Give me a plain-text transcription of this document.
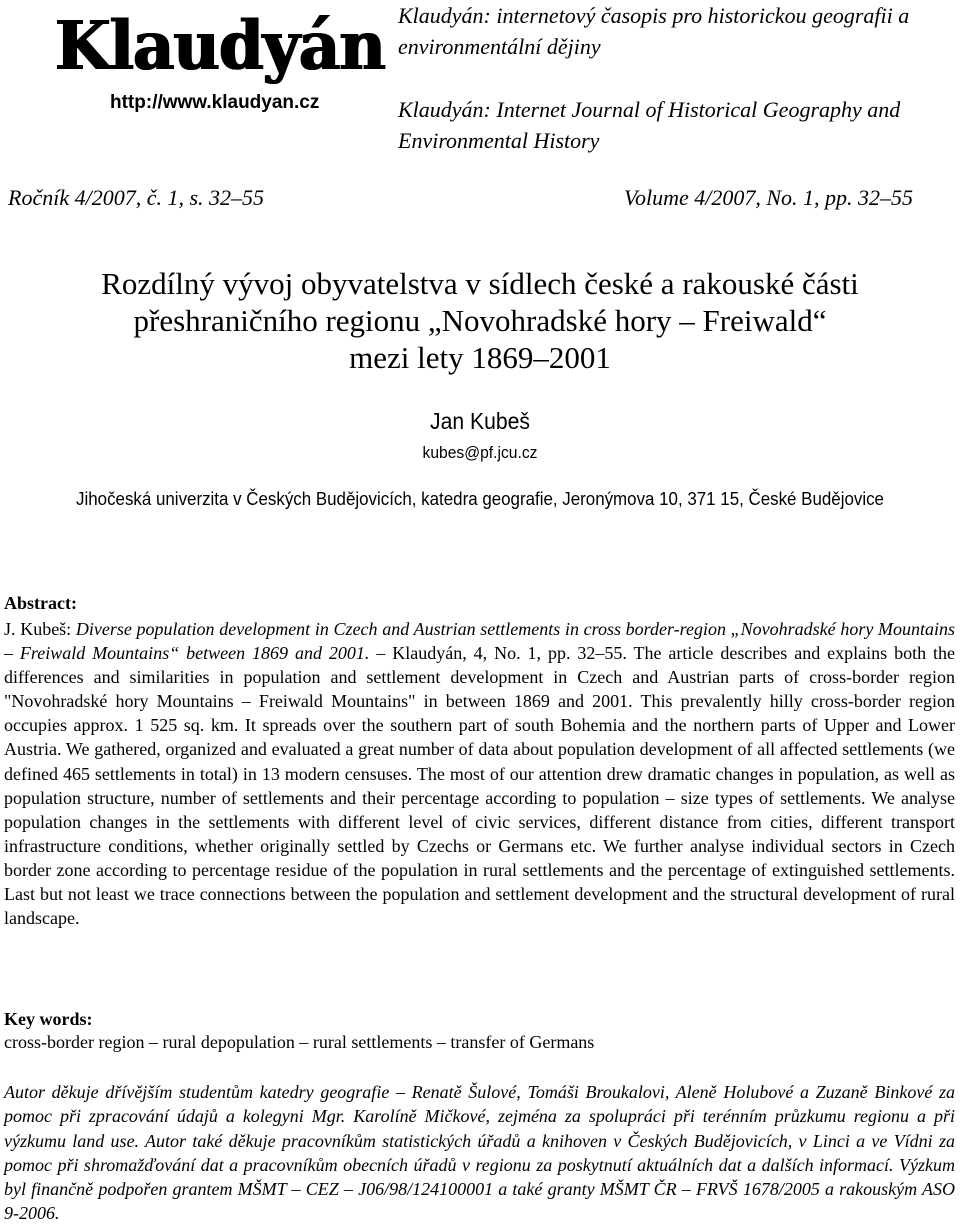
Klaudyán
http://www.klaudyan.cz

Klaudyán: internetový časopis pro historickou geografii a environmentální dějiny

Klaudyán: Internet Journal of Historical Geography and Environmental History

Ročník 4/2007, č. 1, s. 32–55	Volume 4/2007, No. 1, pp. 32–55
Rozdílný vývoj obyvatelstva v sídlech české a rakouské části
přeshraničního regionu „Novohradské hory – Freiwald“
mezi lety 1869–2001
Jan Kubeš
kubes@pf.jcu.cz
Jihočeská univerzita v Českých Budějovicích, katedra geografie, Jeronýmova 10, 371 15, České Budějovice
Abstract:

J. Kubeš: Diverse population development in Czech and Austrian settlements in cross border-region „Novohradské hory Mountains – Freiwald Mountains“ between 1869 and 2001. – Klaudyán, 4, No. 1, pp. 32–55. The article describes and explains both the differences and similarities in population and settlement development in Czech and Austrian parts of cross-border region "Novohradské hory Mountains – Freiwald Mountains" in between 1869 and 2001. This prevalently hilly cross-border region occupies approx. 1 525 sq. km. It spreads over the southern part of south Bohemia and the northern parts of Upper and Lower Austria. We gathered, organized and evaluated a great number of data about population development of all affected settlements (we defined 465 settlements in total) in 13 modern censuses. The most of our attention drew dramatic changes in population, as well as population structure, number of settlements and their percentage according to population – size types of settlements. We analyse population changes in the settlements with different level of civic services, different distance from cities, different transport infrastructure conditions, whether originally settled by Czechs or Germans etc. We further analyse individual sectors in Czech border zone according to percentage residue of the population in rural settlements and the percentage of extinguished settlements. Last but not least we trace connections between the population and settlement development and the structural development of rural landscape.

Key words:
cross-border region – rural depopulation – rural settlements – transfer of Germans

Autor děkuje dřívějším studentům katedry geografie – Renatě Šulové, Tomáši Broukalovi, Aleně Holubové a Zuzaně Binkové za pomoc při zpracování údajů a kolegyni Mgr. Karolíně Mičkové, zejména za spolupráci při terénním průzkumu regionu a při výzkumu land use. Autor také děkuje pracovníkům statistických úřadů a knihoven v Českých Budějovicích, v Linci a ve Vídni za pomoc při shromažďování dat a pracovníkům obecních úřadů v regionu za poskytnutí aktuálních dat a dalších informací. Výzkum byl finančně podpořen grantem MŠMT – CEZ – J06/98/124100001 a také granty MŠMT ČR – FRVŠ 1678/2005 a rakouským ASO 9-2006.
